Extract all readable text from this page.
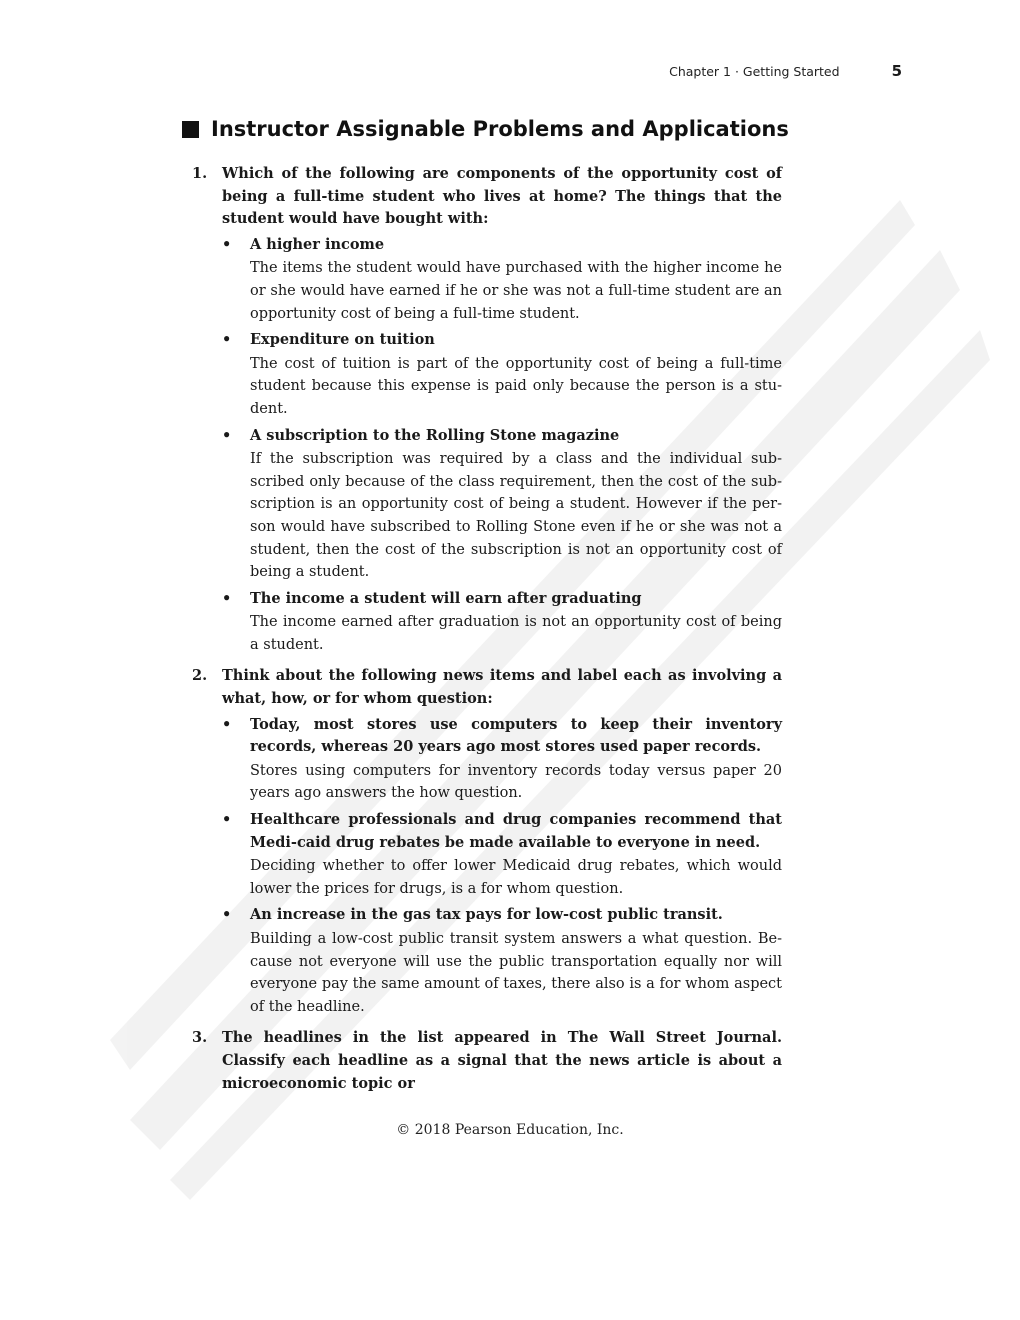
Chapter 1 · Getting Started	5
Instructor Assignable Problems and Applications
1. Which of the following are components of the opportunity cost of being a full-time student who lives at home? The things that the student would have bought with:
• A higher income
The items the student would have purchased with the higher income he or she would have earned if he or she was not a full-time student are an opportunity cost of being a full-time student.
• Expenditure on tuition
The cost of tuition is part of the opportunity cost of being a full-time student because this expense is paid only because the person is a stu-dent.
• A subscription to the Rolling Stone magazine
If the subscription was required by a class and the individual sub-scribed only because of the class requirement, then the cost of the sub-scription is an opportunity cost of being a student. However if the per-son would have subscribed to Rolling Stone even if he or she was not a student, then the cost of the subscription is not an opportunity cost of being a student.
• The income a student will earn after graduating
The income earned after graduation is not an opportunity cost of being a student.
2. Think about the following news items and label each as involving a what, how, or for whom question:
• Today, most stores use computers to keep their inventory records, whereas 20 years ago most stores used paper records.
Stores using computers for inventory records today versus paper 20 years ago answers the how question.
• Healthcare professionals and drug companies recommend that Medi-caid drug rebates be made available to everyone in need.
Deciding whether to offer lower Medicaid drug rebates, which would lower the prices for drugs, is a for whom question.
• An increase in the gas tax pays for low-cost public transit.
Building a low-cost public transit system answers a what question. Be-cause not everyone will use the public transportation equally nor will everyone pay the same amount of taxes, there also is a for whom aspect of the headline.
3. The headlines in the list appeared in The Wall Street Journal. Classify each headline as a signal that the news article is about a microeconomic topic or
© 2018 Pearson Education, Inc.
